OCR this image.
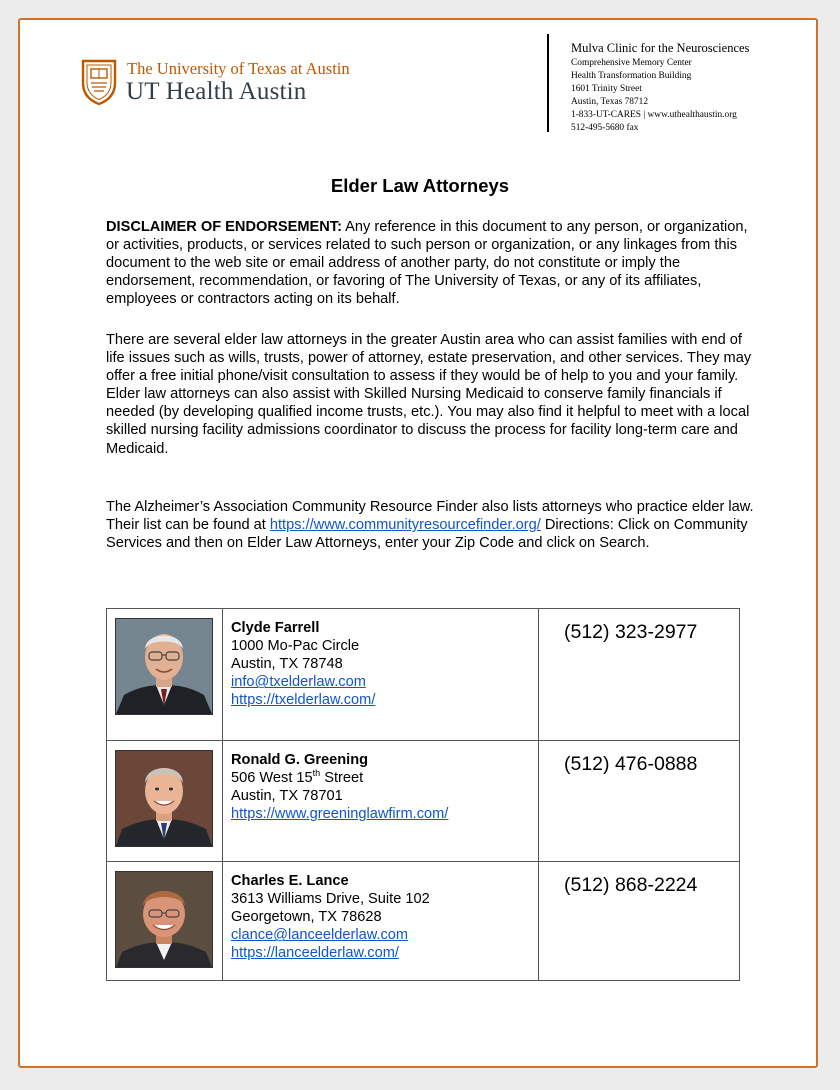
The University of Texas at Austin
UT Health Austin
Mulva Clinic for the Neurosciences
Comprehensive Memory Center
Health Transformation Building
1601 Trinity Street
Austin, Texas 78712
1-833-UT-CARES | www.uthealthaustin.org
512-495-5680 fax
Elder Law Attorneys
DISCLAIMER OF ENDORSEMENT: Any reference in this document to any person, or organization, or activities, products, or services related to such person or organization, or any linkages from this document to the web site or email address of another party, do not constitute or imply the endorsement, recommendation, or favoring of The University of Texas, or any of its affiliates, employees or contractors acting on its behalf.
There are several elder law attorneys in the greater Austin area who can assist families with end of life issues such as wills, trusts, power of attorney, estate preservation, and other services. They may offer a free initial phone/visit consultation to assess if they would be of help to you and your family. Elder law attorneys can also assist with Skilled Nursing Medicaid to conserve family financials if needed (by developing qualified income trusts, etc.). You may also find it helpful to meet with a local skilled nursing facility admissions coordinator to discuss the process for facility long-term care and Medicaid.
The Alzheimer’s Association Community Resource Finder also lists attorneys who practice elder law. Their list can be found at https://www.communityresourcefinder.org/ Directions: Click on Community Services and then on Elder Law Attorneys, enter your Zip Code and click on Search.

Clyde Farrell
1000 Mo-Pac Circle
Austin, TX 78748
info@txelderlaw.com
https://txelderlaw.com/	(512) 323-2977

Ronald G. Greening
506 West 15th Street
Austin, TX 78701
https://www.greeninglawfirm.com/	(512) 476-0888

Charles E. Lance
3613 Williams Drive, Suite 102
Georgetown, TX 78628
clance@lanceelderlaw.com
https://lanceelderlaw.com/	(512) 868-2224
